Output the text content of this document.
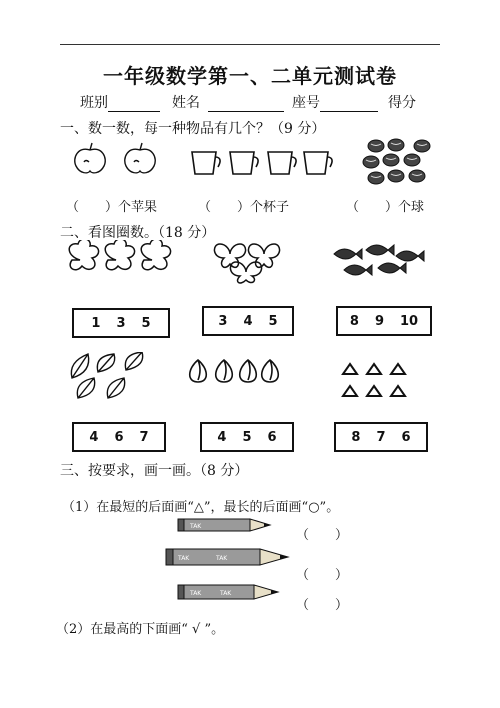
一年级数学第一、二单元测试卷
班别	姓名	座号	得分
一、数一数，每一种物品有几个？（9 分）
（　　）个苹果	（　　）个杯子	（　　）个球
二、看图圈数。（18 分）
1 3 5	3 4 5	8 9 10
4 6 7	4 5 6	8 7 6
三、按要求，画一画。（8 分）
（1）在最短的后面画“△”，最长的后面画“○”。
TAK
TAK	TAK
TAK	TAK
（　　）
（　　）
（　　）
（2）在最高的下面画“ √ ”。
